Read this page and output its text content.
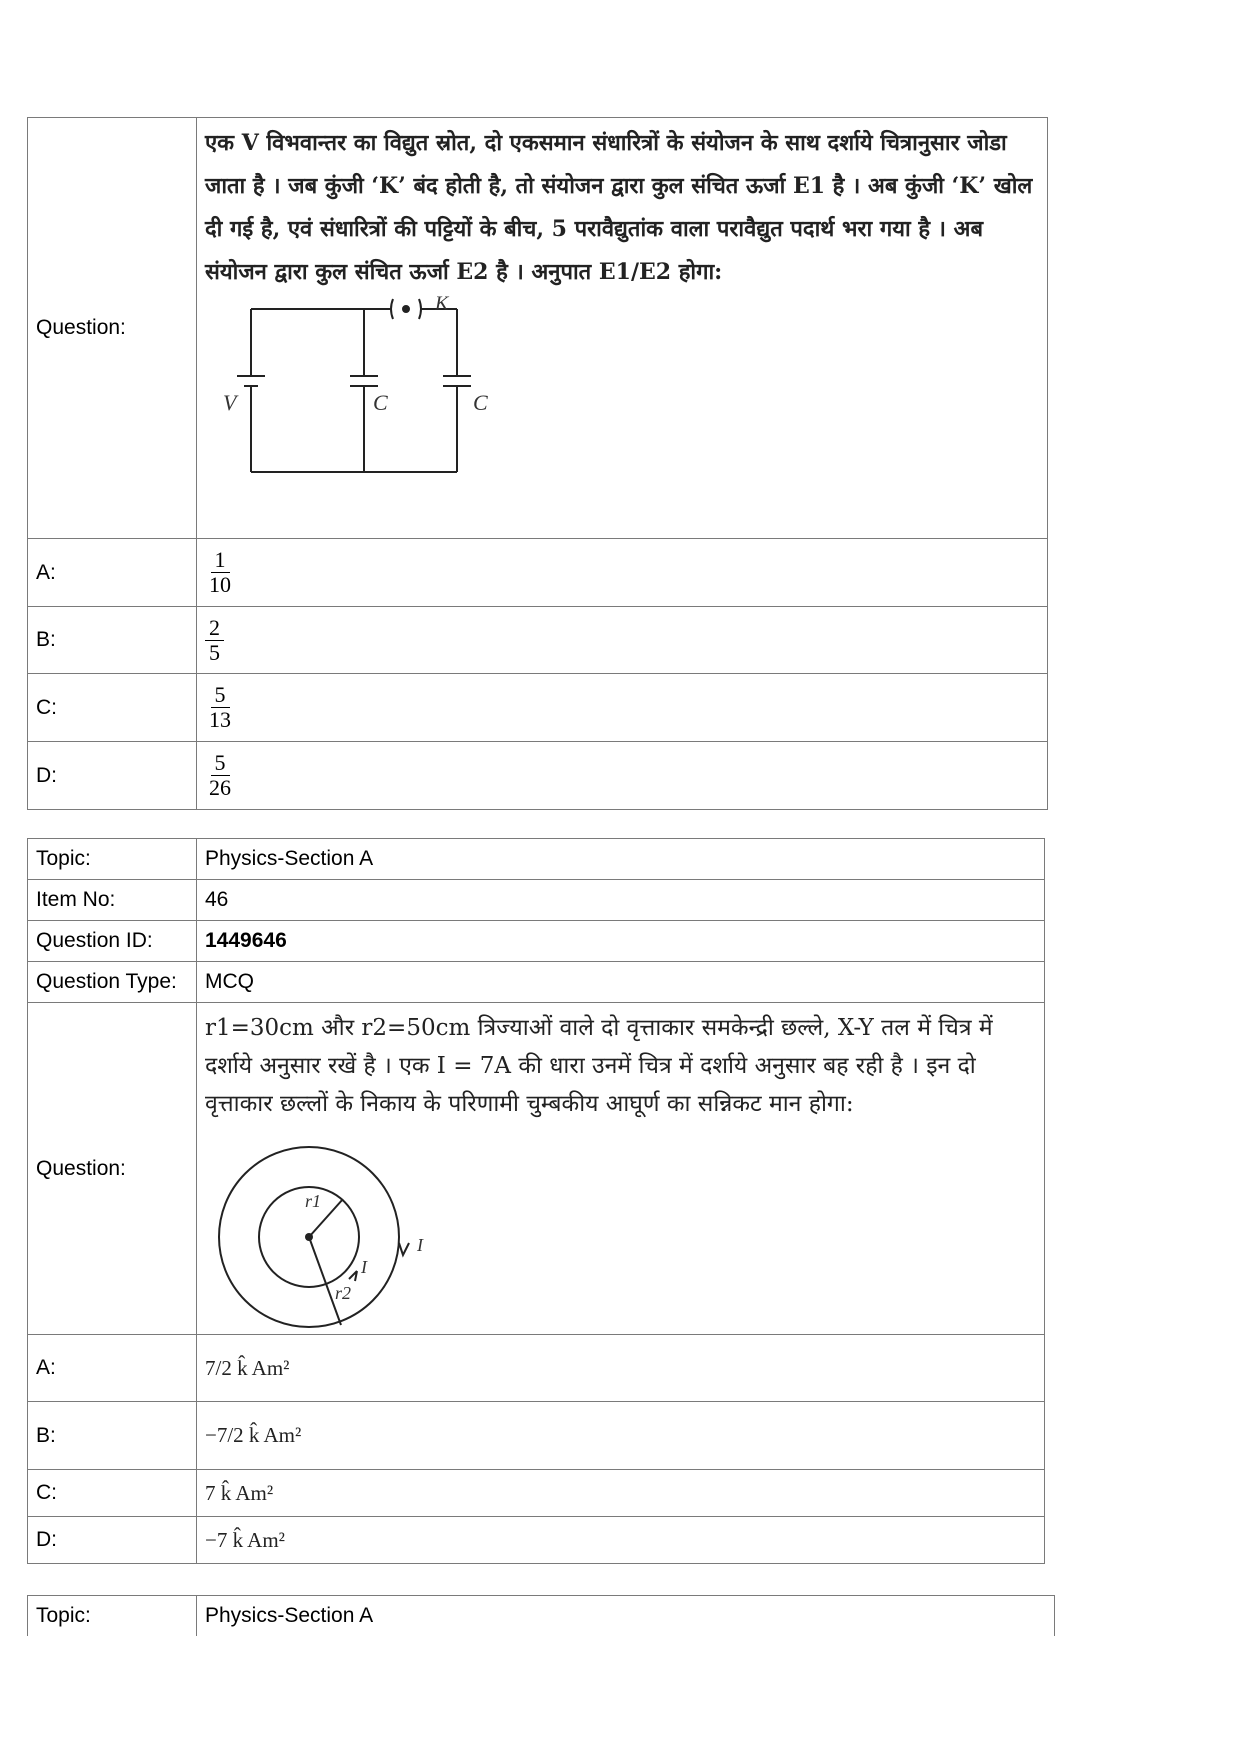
Question:	एक V विभवान्तर का विद्युत स्रोत, दो एकसमान संधारित्रों के संयोजन के साथ दर्शाये चित्रानुसार जोडा जाता है । जब कुंजी ‘K’ बंद होती है, तो संयोजन द्वारा कुल संचित ऊर्जा E1 है । अब कुंजी ‘K’ खोल दी गई है, एवं संधारित्रों की पट्टियों के बीच, 5 परावैद्युतांक वाला परावैद्युत पदार्थ भरा गया है । अब संयोजन द्वारा कुल संचित ऊर्जा E2 है । अनुपात E1/E2 होगा:
V C C
K

A:	$\frac{1}{10}$

B:	$\frac{2}{5}$

C:	$\frac{5}{13}$

D:	$\frac{5}{26}$
Topic:	Physics-Section A
Item No:	46
Question ID:	1449646
Question Type:	MCQ
Question:	r1=30cm और r2=50cm त्रिज्याओं वाले दो वृत्ताकार समकेन्द्री छल्ले, X-Y तल में चित्र में दर्शाये अनुसार रखें है । एक I = 7A की धारा उनमें चित्र में दर्शाये अनुसार बह रही है । इन दो वृत्ताकार छल्लों के निकाय के परिणामी चुम्बकीय आघूर्ण का सन्निकट मान होगा:
r1
r2
I
I

A:	7/2 k̂ Am²
B:	−7/2 k̂ Am²
C:	7 k̂ Am²
D:	−7 k̂ Am²
Topic:	Physics-Section A
